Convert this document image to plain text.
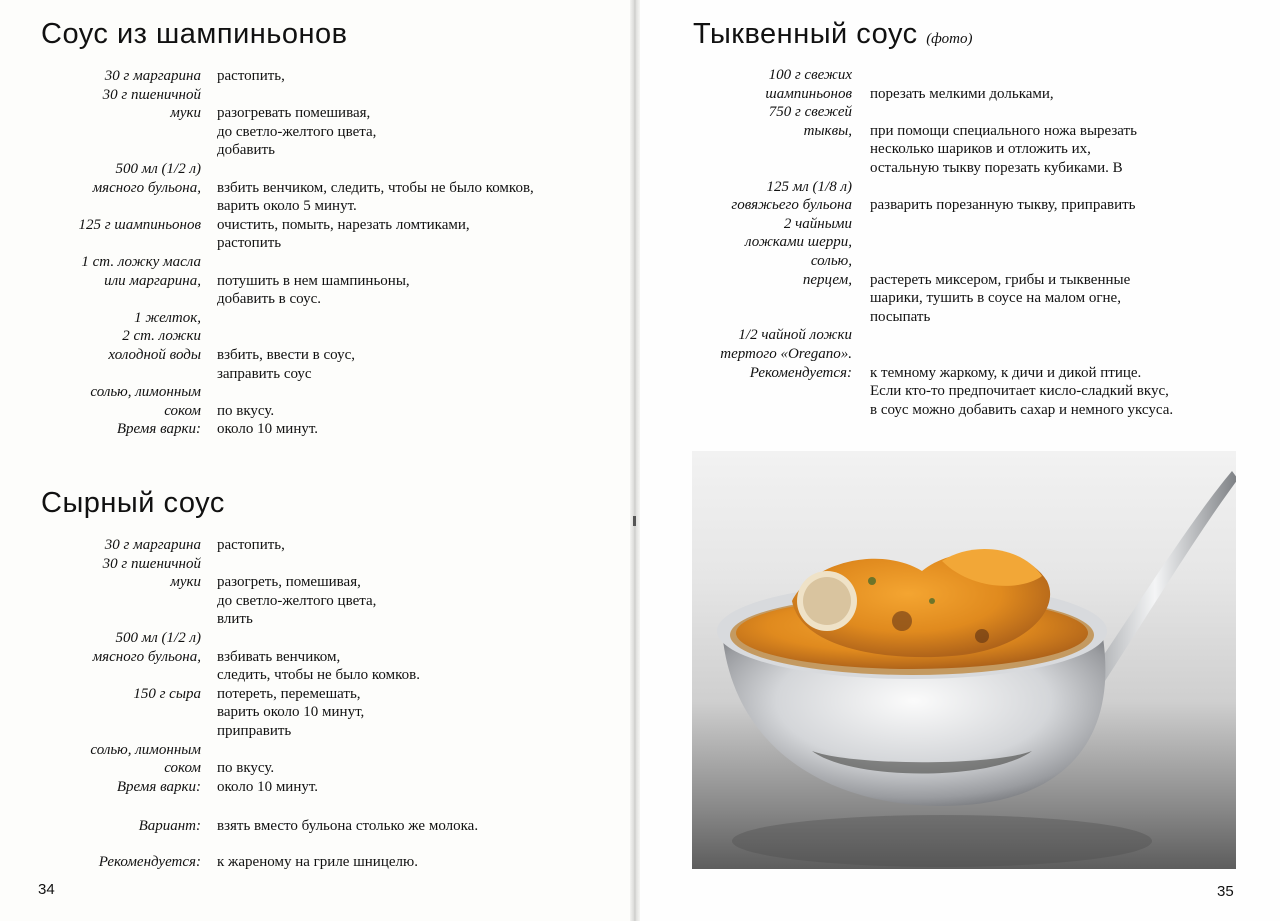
Соус из шампиньонов
30 г маргарина растопить,
30 г пшеничной
муки разогревать помешивая,
до светло-желтого цвета,
добавить
500 мл (1/2 л)
мясного бульона, взбить венчиком, следить, чтобы не было комков,
варить около 5 минут.
125 г шампиньонов очистить, помыть, нарезать ломтиками,
растопить
1 ст. ложку масла
или маргарина, потушить в нем шампиньоны,
добавить в соус.
1 желток,
2 ст. ложки
холодной воды взбить, ввести в соус,
заправить соус
солью, лимонным
соком по вкусу.
Время варки: около 10 минут.
Сырный соус
30 г маргарина растопить,
30 г пшеничной
муки разогреть, помешивая,
до светло-желтого цвета,
влить
500 мл (1/2 л)
мясного бульона, взбивать венчиком,
следить, чтобы не было комков.
150 г сыра потереть, перемешать,
варить около 10 минут,
приправить
солью, лимонным
соком по вкусу.
Время варки: около 10 минут.
Вариант: взять вместо бульона столько же молока.
Рекомендуется: к жареному на гриле шницелю.
34
Тыквенный соус (фото)
100 г свежих
шампиньонов порезать мелкими дольками,
750 г свежей
тыквы, при помощи специального ножа вырезать
несколько шариков и отложить их,
остальную тыкву порезать кубиками. В
125 мл (1/8 л)
говяжьего бульона разварить порезанную тыкву, приправить
2 чайными
ложками шерри,
солью,
перцем, растереть миксером, грибы и тыквенные
шарики, тушить в соусе на малом огне,
посыпать
1/2 чайной ложки
тертого «Oregano».
Рекомендуется: к темному жаркому, к дичи и дикой птице.
Если кто-то предпочитает кисло-сладкий вкус,
в соус можно добавить сахар и немного уксуса.
35
